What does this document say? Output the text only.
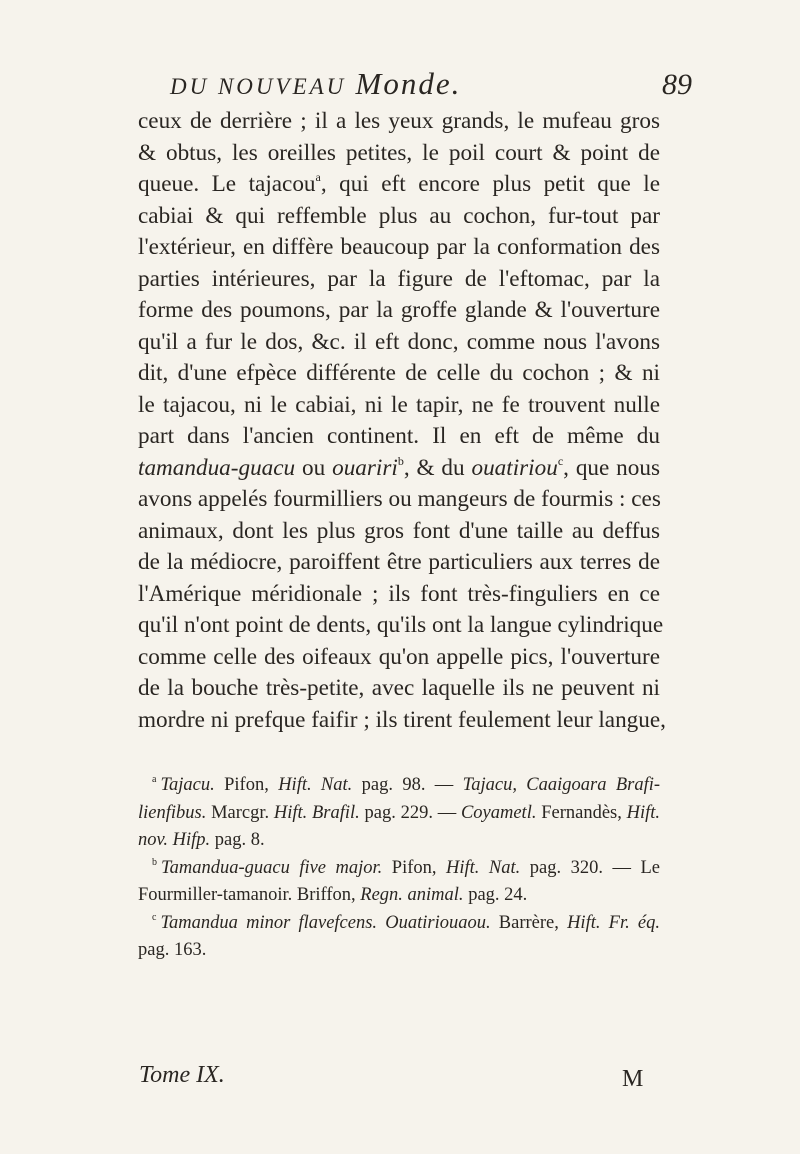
DU NOUVEAU Monde.	89
ceux de derrière ; il a les yeux grands, le mufeau gros
& obtus, les oreilles petites, le poil court & point de
queue. Le tajacou$^a$, qui eft encore plus petit que le
cabiai & qui reffemble plus au cochon, fur-tout par
l'extérieur, en diffère beaucoup par la conformation des
parties intérieures, par la figure de l'eftomac, par la
forme des poumons, par la groffe glande & l'ouverture
qu'il a fur le dos, &c. il eft donc, comme nous l'avons
dit, d'une efpèce différente de celle du cochon ; & ni
le tajacou, ni le cabiai, ni le tapir, ne fe trouvent nulle
part dans l'ancien continent. Il en eft de même du
tamandua-guacu ou ouariri$^b$, & du ouatiriou$^c$, que nous
avons appelés fourmilliers ou mangeurs de fourmis : ces
animaux, dont les plus gros font d'une taille au deffus
de la médiocre, paroiffent être particuliers aux terres de
l'Amérique méridionale ; ils font très-finguliers en ce
qu'il n'ont point de dents, qu'ils ont la langue cylindrique
comme celle des oifeaux qu'on appelle pics, l'ouverture
de la bouche très-petite, avec laquelle ils ne peuvent ni
mordre ni prefque faifir ; ils tirent feulement leur langue,
$^a$ Tajacu. Pifon, Hift. Nat. pag. 98. — Tajacu, Caaigoara Brafi-
lienfibus. Marcgr. Hift. Brafil. pag. 229. — Coyametl. Fernandès, Hift.
nov. Hifp. pag. 8.
$^b$ Tamandua-guacu five major. Pifon, Hift. Nat. pag. 320. — Le
Fourmiller-tamanoir. Briffon, Regn. animal. pag. 24.
$^c$ Tamandua minor flavefcens. Ouatiriouaou. Barrère, Hift. Fr. éq.
pag. 163.
Tome IX.	M
